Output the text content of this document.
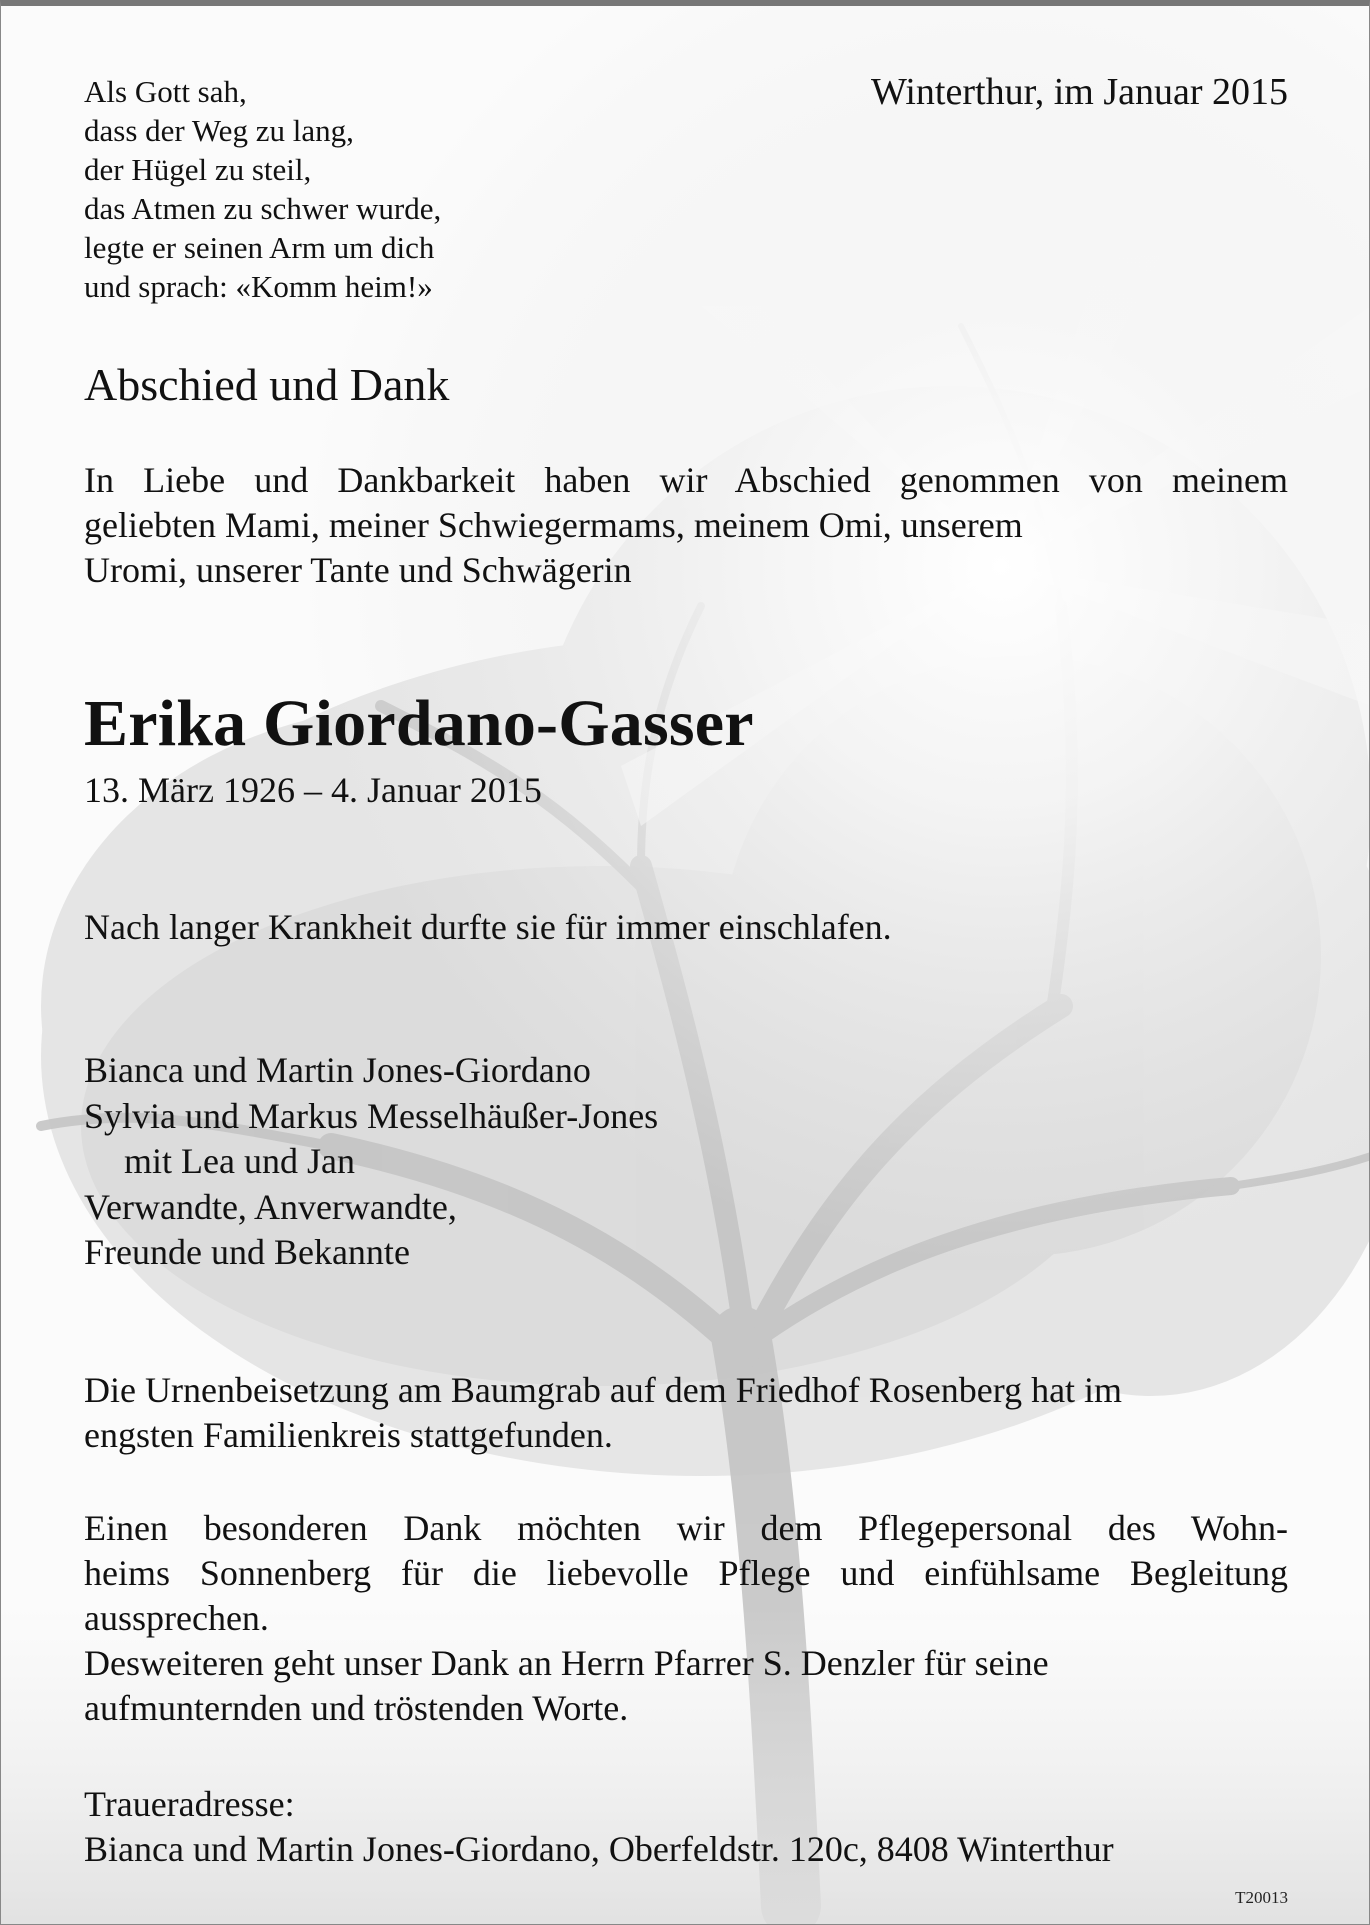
Als Gott sah,
dass der Weg zu lang,
der Hügel zu steil,
das Atmen zu schwer wurde,
legte er seinen Arm um dich
und sprach: «Komm heim!»
Winterthur, im Januar 2015
Abschied und Dank
In Liebe und Dankbarkeit haben wir Abschied genommen von meinem
geliebten Mami, meiner Schwiegermams, meinem Omi, unserem
Uromi, unserer Tante und Schwägerin
Erika Giordano-Gasser
13. März 1926 – 4. Januar 2015
Nach langer Krankheit durfte sie für immer einschlafen.
Bianca und Martin Jones-Giordano
Sylvia und Markus Messelhäußer-Jones
mit Lea und Jan
Verwandte, Anverwandte,
Freunde und Bekannte
Die Urnenbeisetzung am Baumgrab auf dem Friedhof Rosenberg hat im
engsten Familienkreis stattgefunden.
Einen besonderen Dank möchten wir dem Pflegepersonal des Wohn-
heims Sonnenberg für die liebevolle Pflege und einfühlsame Begleitung
aussprechen.
Desweiteren geht unser Dank an Herrn Pfarrer S. Denzler für seine
aufmunternden und tröstenden Worte.
Traueradresse:
Bianca und Martin Jones-Giordano, Oberfeldstr. 120c, 8408 Winterthur
T20013
